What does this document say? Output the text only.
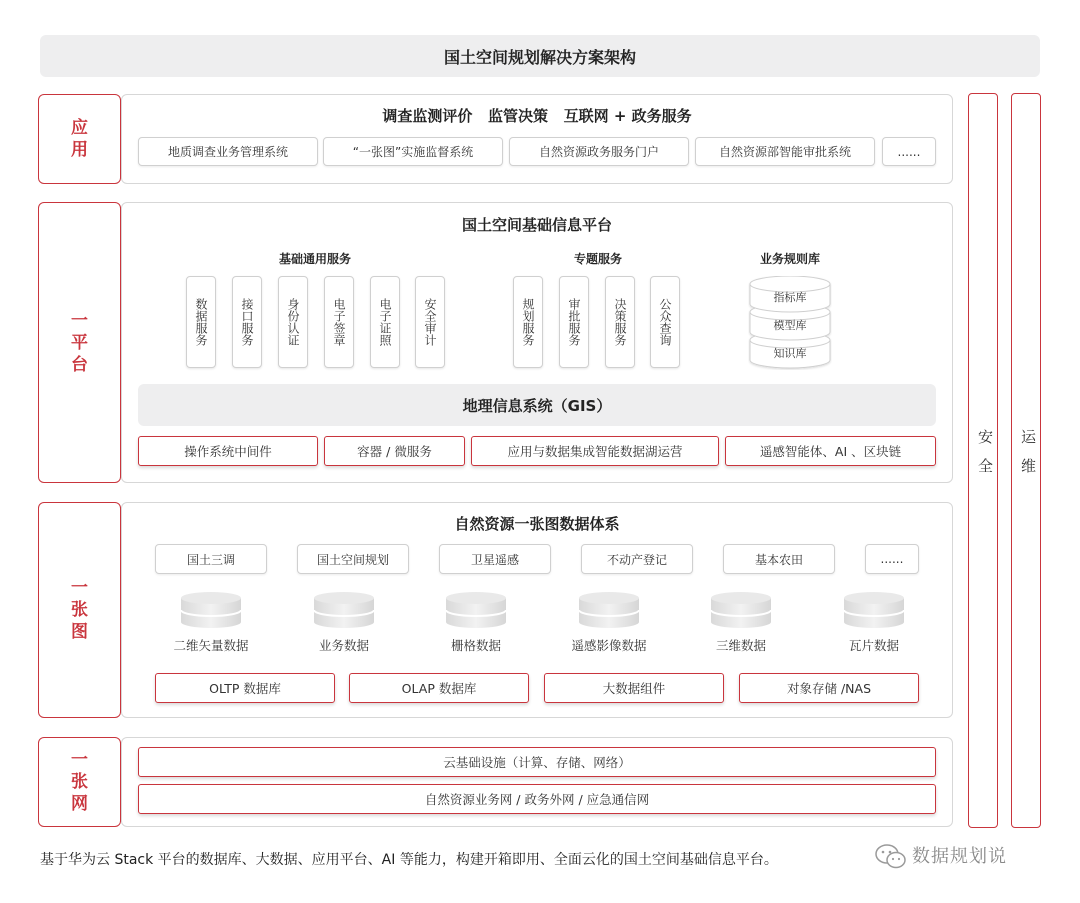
国土空间规划解决方案架构
安全 运维
应
用
调查监测评价   监管决策   互联网 + 政务服务
地质调查业务管理系统	“一张图”实施监督系统	自然资源政务服务门户	自然资源部智能审批系统	......
一
平
台
国土空间基础信息平台
基础通用服务	专题服务	业务规则库
数据服务	接口服务	身份认证	电子签章	电子证照	安全审计	规划服务	审批服务	决策服务	公众查询
指标库
模型库
知识库
地理信息系统（GIS）
操作系统中间件	容器 / 微服务	应用与数据集成智能数据湖运营	遥感智能体、AI 、区块链
一
张
图
自然资源一张图数据体系
国土三调	国土空间规划	卫星遥感	不动产登记	基本农田	......
二维矢量数据	业务数据	栅格数据	遥感影像数据	三维数据	瓦片数据
OLTP 数据库	OLAP 数据库	大数据组件	对象存储 /NAS
一
张
网
云基础设施（计算、存储、网络）
自然资源业务网 / 政务外网 / 应急通信网
基于华为云 Stack 平台的数据库、大数据、应用平台、AI 等能力，构建开箱即用、全面云化的国土空间基础信息平台。	数据规划说
